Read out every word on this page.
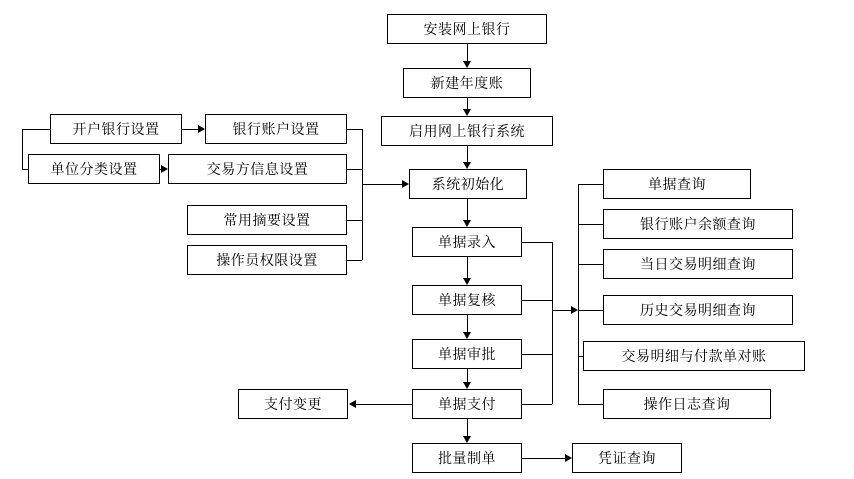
安装网上银行
新建年度账
启用网上银行系统
系统初始化
单据录入
单据复核
单据审批
单据支付
批量制单
支付变更
凭证查询
开户银行设置
单位分类设置
银行账户设置
交易方信息设置
常用摘要设置
操作员权限设置
单据查询
银行账户余额查询
当日交易明细查询
历史交易明细查询
交易明细与付款单对账
操作日志查询
